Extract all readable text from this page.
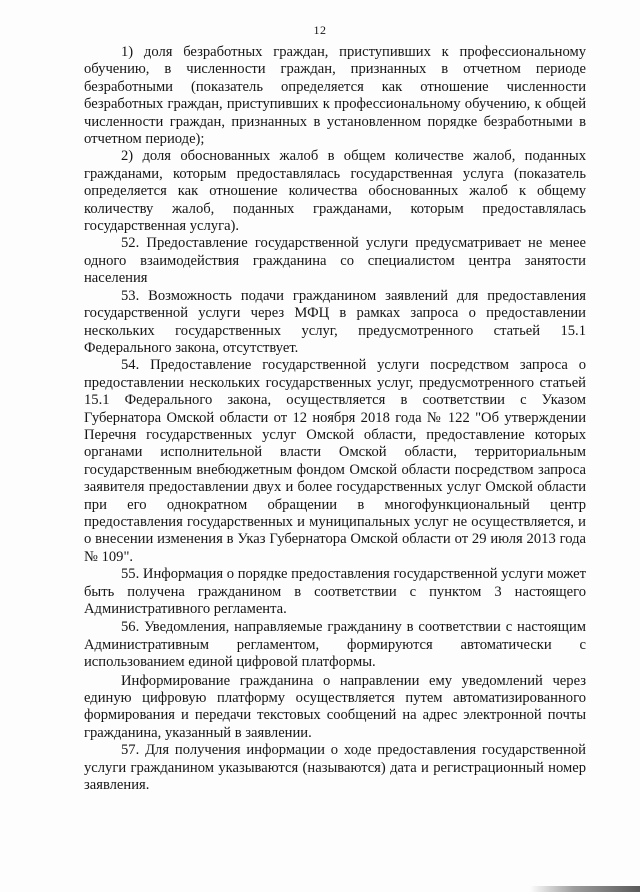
12

1) доля безработных граждан, приступивших к профессиональному обучению, в численности граждан, признанных в отчетном периоде безработными (показатель определяется как отношение численности безработных граждан, приступивших к профессиональному обучению, к общей численности граждан, признанных в установленном порядке безработными в отчетном периоде);

2) доля обоснованных жалоб в общем количестве жалоб, поданных гражданами, которым предоставлялась государственная услуга (показатель определяется как отношение количества обоснованных жалоб к общему количеству жалоб, поданных гражданами, которым предоставлялась государственная услуга).

52. Предоставление государственной услуги предусматривает не менее одного взаимодействия гражданина со специалистом центра занятости населения

53. Возможность подачи гражданином заявлений для предоставления государственной услуги через МФЦ в рамках запроса о предоставлении нескольких государственных услуг, предусмотренного статьей 15.1 Федерального закона, отсутствует.

54. Предоставление государственной услуги посредством запроса о предоставлении нескольких государственных услуг, предусмотренного статьей 15.1 Федерального закона, осуществляется в соответствии с Указом Губернатора Омской области от 12 ноября 2018 года № 122 "Об утверждении Перечня государственных услуг Омской области, предоставление которых органами исполнительной власти Омской области, территориальным государственным внебюджетным фондом Омской области посредством запроса заявителя предоставлении двух и более государственных услуг Омской области при его однократном обращении в многофункциональный центр предоставления государственных и муниципальных услуг не осуществляется, и о внесении изменения в Указ Губернатора Омской области от 29 июля 2013 года № 109".

55. Информация о порядке предоставления государственной услуги может быть получена гражданином в соответствии с пунктом 3 настоящего Административного регламента.

56. Уведомления, направляемые гражданину в соответствии с настоящим Административным регламентом, формируются автоматически с использованием единой цифровой платформы.

Информирование гражданина о направлении ему уведомлений через единую цифровую платформу осуществляется путем автоматизированного формирования и передачи текстовых сообщений на адрес электронной почты гражданина, указанный в заявлении.

57. Для получения информации о ходе предоставления государственной услуги гражданином указываются (называются) дата и регистрационный номер заявления.
